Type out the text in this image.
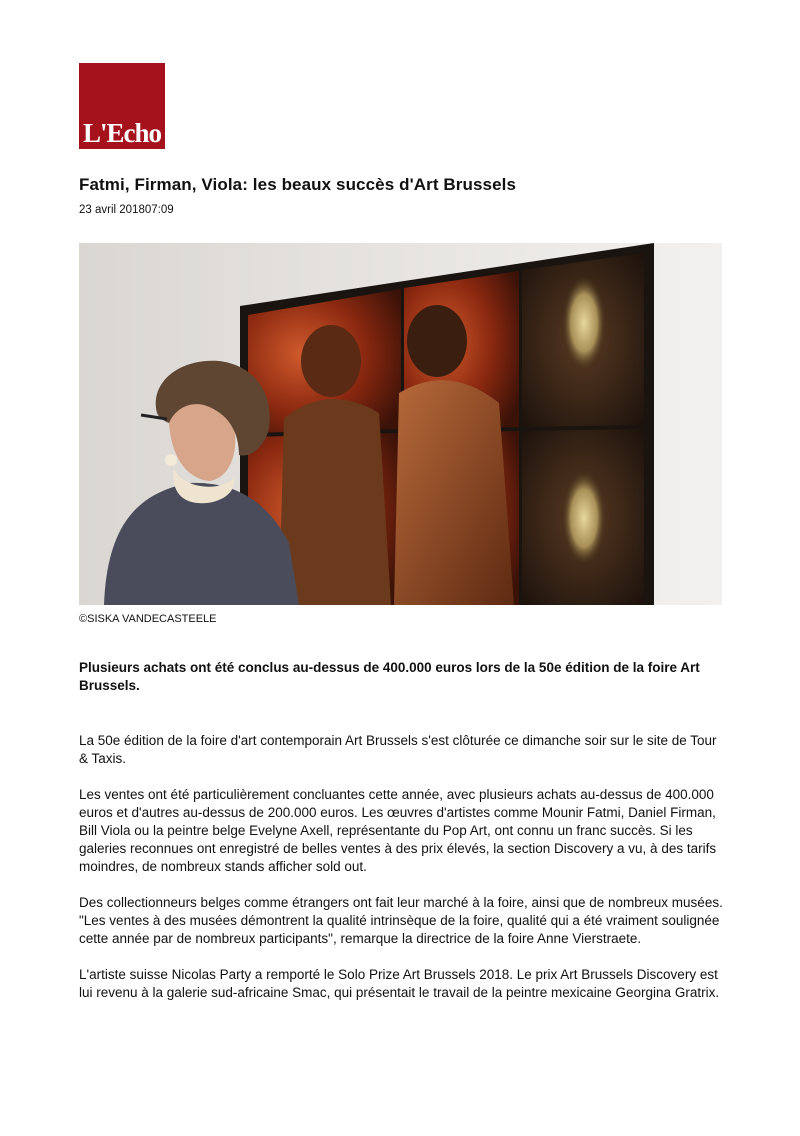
L'Echo
Fatmi, Firman, Viola: les beaux succès d'Art Brussels
23 avril 201807:09
©SISKA VANDECASTEELE

Plusieurs achats ont été conclus au-dessus de 400.000 euros lors de la 50e édition de la foire Art Brussels.

La 50e édition de la foire d'art contemporain Art Brussels s'est clôturée ce dimanche soir sur le site de Tour & Taxis.

Les ventes ont été particulièrement concluantes cette année, avec plusieurs achats au-dessus de 400.000 euros et d'autres au-dessus de 200.000 euros. Les œuvres d'artistes comme Mounir Fatmi, Daniel Firman, Bill Viola ou la peintre belge Evelyne Axell, représentante du Pop Art, ont connu un franc succès. Si les galeries reconnues ont enregistré de belles ventes à des prix élevés, la section Discovery a vu, à des tarifs moindres, de nombreux stands afficher sold out.

Des collectionneurs belges comme étrangers ont fait leur marché à la foire, ainsi que de nombreux musées. "Les ventes à des musées démontrent la qualité intrinsèque de la foire, qualité qui a été vraiment soulignée cette année par de nombreux participants", remarque la directrice de la foire Anne Vierstraete.

L'artiste suisse Nicolas Party a remporté le Solo Prize Art Brussels 2018. Le prix Art Brussels Discovery est lui revenu à la galerie sud-africaine Smac, qui présentait le travail de la peintre mexicaine Georgina Gratrix.
